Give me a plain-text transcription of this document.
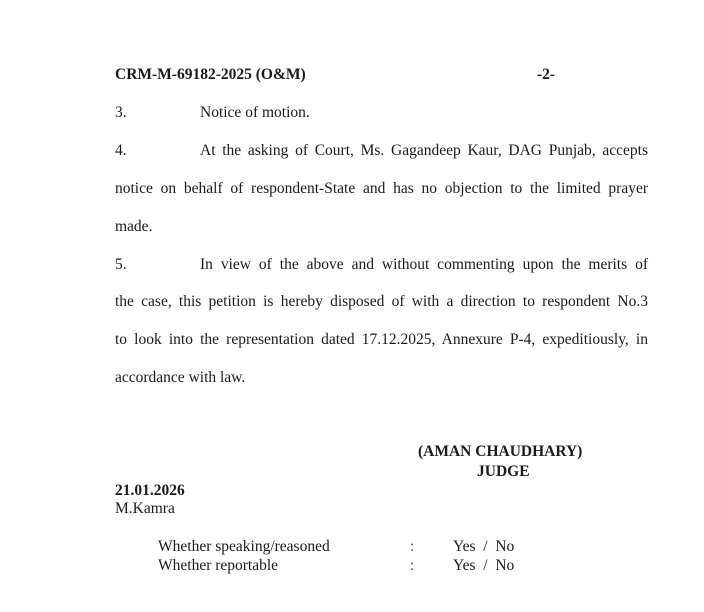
CRM-M-69182-2025 (O&M)	-2-
3.	Notice of motion.
4.	At the asking of Court, Ms. Gagandeep Kaur, DAG Punjab, accepts
notice on behalf of respondent-State and has no objection to the limited prayer
made.
5.	In view of the above and without commenting upon the merits of
the case, this petition is hereby disposed of with a direction to respondent No.3
to look into the representation dated 17.12.2025, Annexure P-4, expeditiously, in
accordance with law.
(AMAN CHAUDHARY)
JUDGE
21.01.2026
M.Kamra
Whether speaking/reasoned	: Yes  /  No
Whether reportable	: Yes  /  No
